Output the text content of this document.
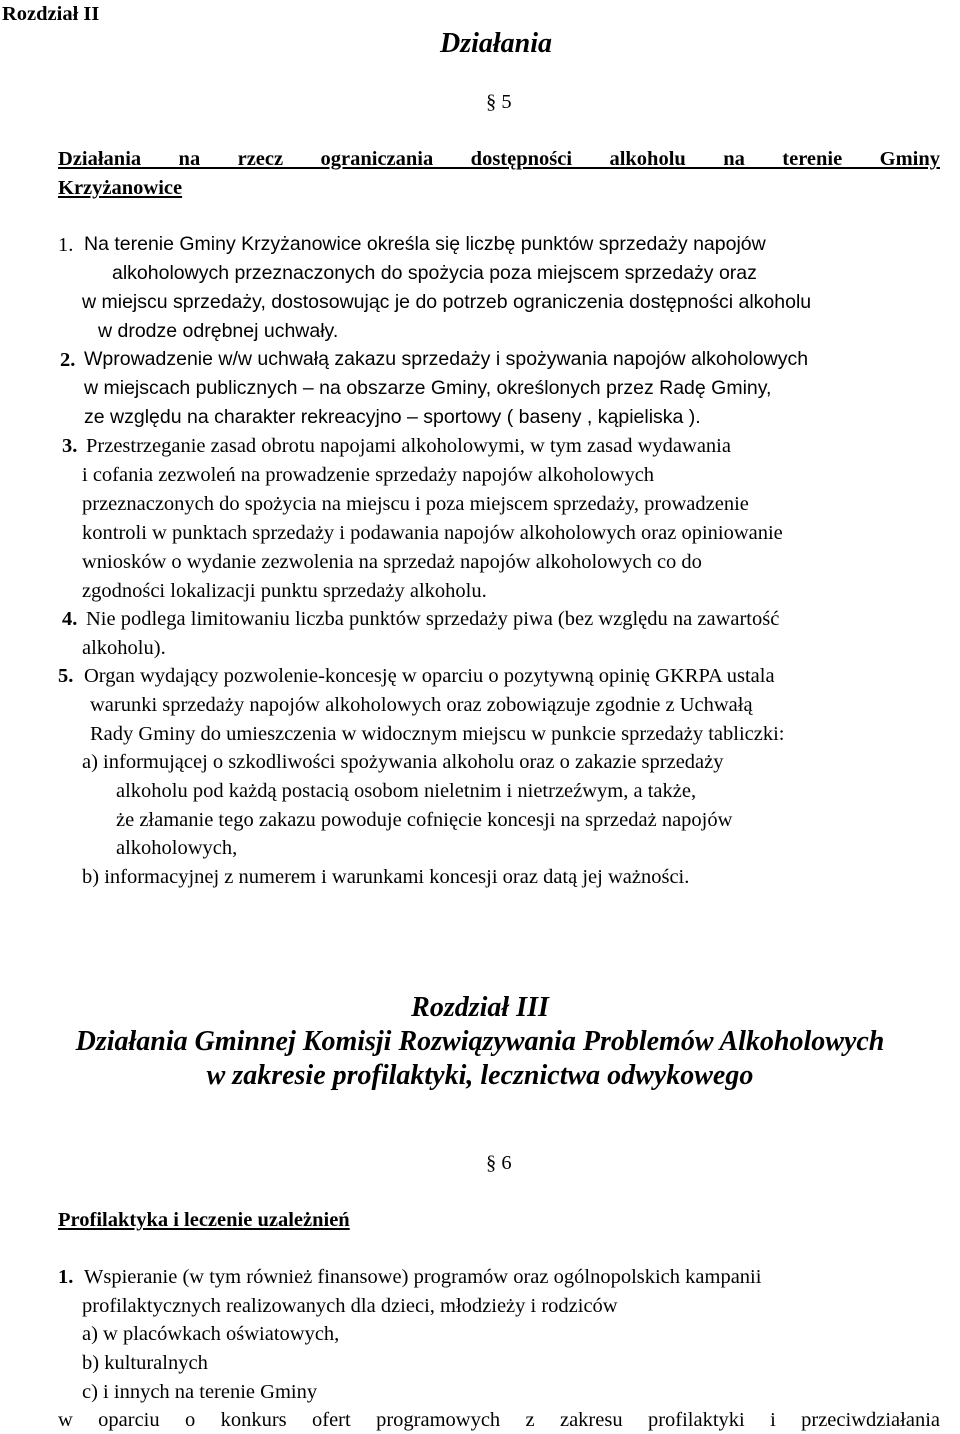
Rozdział II
Działania
§ 5
Działania na rzecz ograniczania dostępności alkoholu na terenie Gminy
Krzyżanowice
1. Na terenie Gminy Krzyżanowice określa się liczbę punktów sprzedaży napojów
alkoholowych przeznaczonych do spożycia poza miejscem sprzedaży oraz
w miejscu sprzedaży, dostosowując je do potrzeb ograniczenia dostępności alkoholu
w drodze odrębnej uchwały.
2. Wprowadzenie w/w uchwałą zakazu sprzedaży i spożywania napojów alkoholowych
w miejscach publicznych – na obszarze Gminy, określonych przez Radę Gminy,
ze względu na charakter rekreacyjno – sportowy ( baseny , kąpieliska ).
3. Przestrzeganie zasad obrotu napojami alkoholowymi, w tym zasad wydawania
i cofania zezwoleń na prowadzenie sprzedaży napojów alkoholowych
przeznaczonych do spożycia na miejscu i poza miejscem sprzedaży, prowadzenie
kontroli w punktach sprzedaży i podawania napojów alkoholowych oraz opiniowanie
wniosków o wydanie zezwolenia na sprzedaż napojów alkoholowych co do
zgodności lokalizacji punktu sprzedaży alkoholu.
4. Nie podlega limitowaniu liczba punktów sprzedaży piwa (bez względu na zawartość
alkoholu).
5. Organ wydający pozwolenie-koncesję w oparciu o pozytywną opinię GKRPA ustala
warunki sprzedaży napojów alkoholowych oraz zobowiązuje zgodnie z Uchwałą
Rady Gminy do umieszczenia w widocznym miejscu w punkcie sprzedaży tabliczki:
a) informującej o szkodliwości spożywania alkoholu oraz o zakazie sprzedaży
alkoholu pod każdą postacią osobom nieletnim i nietrzeźwym, a także,
że złamanie tego zakazu powoduje cofnięcie koncesji na sprzedaż napojów
alkoholowych,
b) informacyjnej z numerem i warunkami koncesji oraz datą jej ważności.
Rozdział III
Działania Gminnej Komisji Rozwiązywania Problemów Alkoholowych
w zakresie profilaktyki, lecznictwa odwykowego
§ 6
Profilaktyka i leczenie uzależnień
1. Wspieranie (w tym również finansowe) programów oraz ogólnopolskich kampanii
profilaktycznych realizowanych dla dzieci, młodzieży i rodziców
a) w placówkach oświatowych,
b) kulturalnych
c) i innych na terenie Gminy
w oparciu o konkurs ofert programowych z zakresu profilaktyki i przeciwdziałania
